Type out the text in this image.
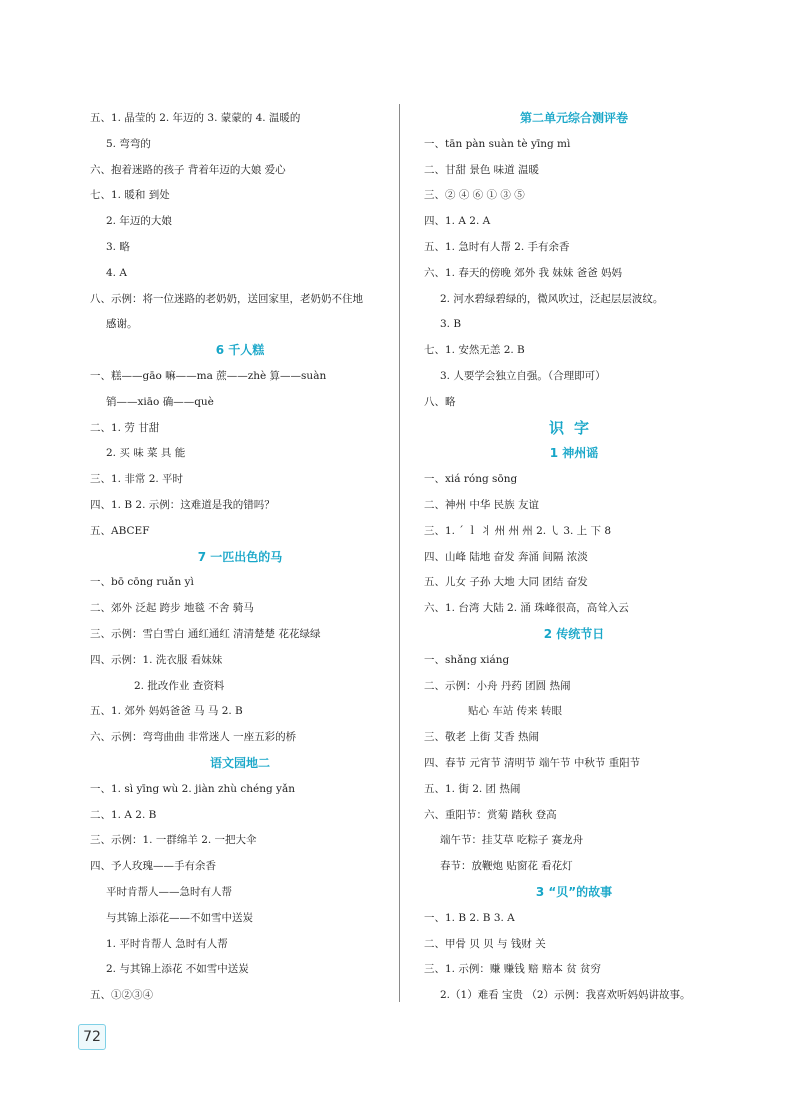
五、1. 晶莹的 2. 年迈的 3. 蒙蒙的 4. 温暖的
5. 弯弯的
六、抱着迷路的孩子 背着年迈的大娘 爱心
七、1. 暖和 到处
2. 年迈的大娘
3. 略
4. A
八、示例：将一位迷路的老奶奶，送回家里，老奶奶不住地
感谢。
6 千人糕
一、糕——gāo 嘛——ma 蔗——zhè 算——suàn
销——xiāo 确——què
二、1. 劳 甘甜
2. 买 味 菜 具 能
三、1. 非常 2. 平时
四、1. B 2. 示例：这难道是我的错吗？
五、ABCEF
7 一匹出色的马
一、bō cōng ruǎn yì
二、郊外 泛起 跨步 地毯 不舍 骑马
三、示例：雪白雪白 通红通红 清清楚楚 花花绿绿
四、示例：1. 洗衣服 看妹妹
2. 批改作业 查资料
五、1. 郊外 妈妈爸爸 马 马 2. B
六、示例：弯弯曲曲 非常迷人 一座五彩的桥
语文园地二
一、1. sì yīng wù 2. jiàn zhù chéng yǎn
二、1. A 2. B
三、示例：1. 一群绵羊 2. 一把大伞
四、予人玫瑰——手有余香
平时肯帮人——急时有人帮
与其锦上添花——不如雪中送炭
1. 平时肯帮人 急时有人帮
2. 与其锦上添花 不如雪中送炭
五、①②③④
第二单元综合测评卷
一、tān pàn suàn tè yīng mì
二、甘甜 景色 味道 温暖
三、② ④ ⑥ ① ③ ⑤
四、1. A 2. A
五、1. 急时有人帮 2. 手有余香
六、1. 春天的傍晚 郊外 我 妹妹 爸爸 妈妈
2. 河水碧绿碧绿的，微风吹过，泛起层层波纹。
3. B
七、1. 安然无恙 2. B
3. 人要学会独立自强。（合理即可）
八、略
识字
1 神州谣
一、xiá róng sōng
二、神州 中华 民族 友谊
三、1. ˊ ｌ 丬 州 州 州 2. ㇂ 3. 上 下 8
四、山峰 陆地 奋发 奔涌 间隔 浓淡
五、儿女 子孙 大地 大同 团结 奋发
六、1. 台湾 大陆 2. 涌 珠峰很高，高耸入云
2 传统节日
一、shǎng xiáng
二、示例：小舟 丹药 团圆 热闹
贴心 车站 传来 转眼
三、敬老 上街 艾香 热闹
四、春节 元宵节 清明节 端午节 中秋节 重阳节
五、1. 街 2. 团 热闹
六、重阳节：赏菊 踏秋 登高
端午节：挂艾草 吃粽子 赛龙舟
春节：放鞭炮 贴窗花 看花灯
3 “贝”的故事
一、1. B 2. B 3. A
二、甲骨 贝 贝 与 钱财 关
三、1. 示例：赚 赚钱 赔 赔本 贫 贫穷
2.（1）难看 宝贵 （2）示例：我喜欢听妈妈讲故事。
72
